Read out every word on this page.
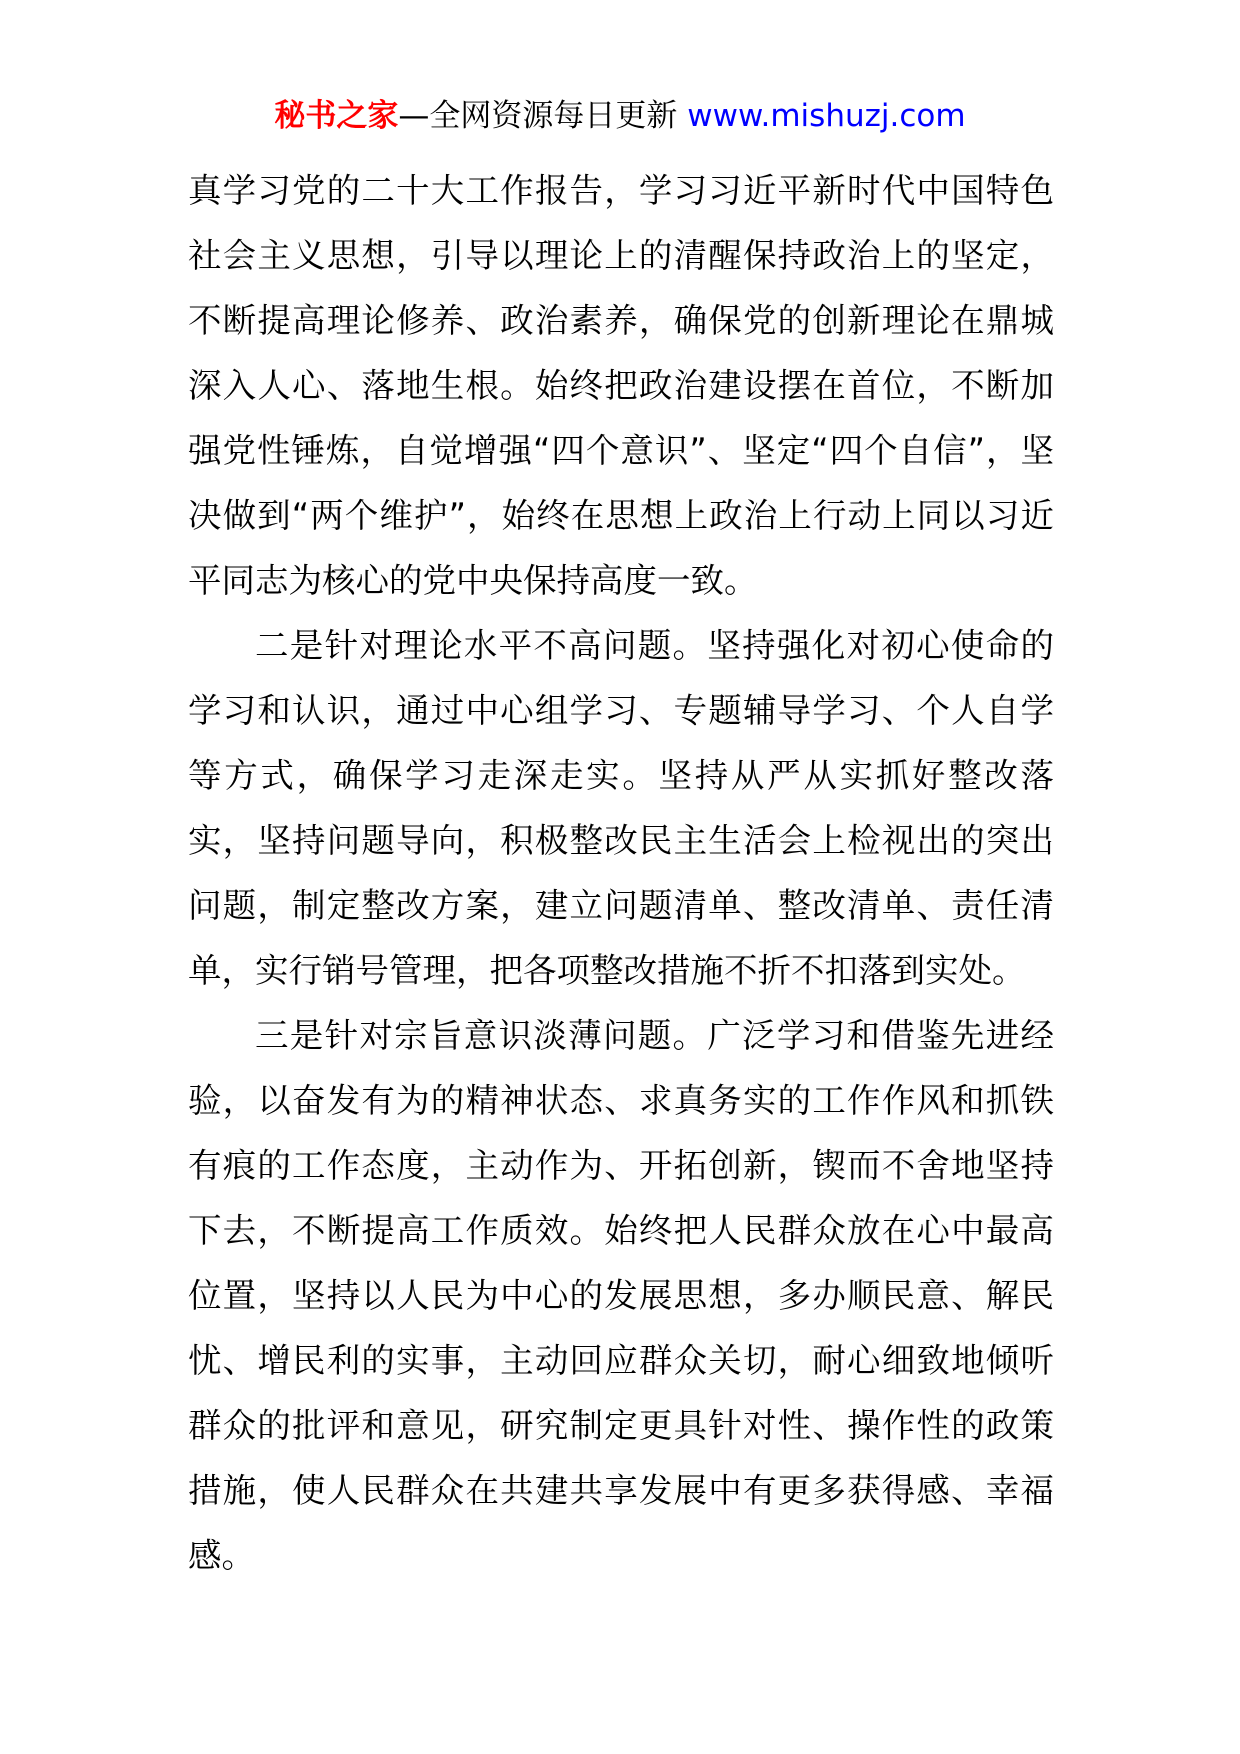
秘书之家—全网资源每日更新 www.mishuzj.com

真学习党的二十大工作报告，学习习近平新时代中国特色社会主义思想，引导以理论上的清醒保持政治上的坚定，不断提高理论修养、政治素养，确保党的创新理论在鼎城深入人心、落地生根。始终把政治建设摆在首位，不断加强党性锤炼，自觉增强“四个意识”、坚定“四个自信”，坚决做到“两个维护”，始终在思想上政治上行动上同以习近平同志为核心的党中央保持高度一致。

二是针对理论水平不高问题。坚持强化对初心使命的学习和认识，通过中心组学习、专题辅导学习、个人自学等方式，确保学习走深走实。坚持从严从实抓好整改落实，坚持问题导向，积极整改民主生活会上检视出的突出问题，制定整改方案，建立问题清单、整改清单、责任清单，实行销号管理，把各项整改措施不折不扣落到实处。

三是针对宗旨意识淡薄问题。广泛学习和借鉴先进经验，以奋发有为的精神状态、求真务实的工作作风和抓铁有痕的工作态度，主动作为、开拓创新，锲而不舍地坚持下去，不断提高工作质效。始终把人民群众放在心中最高位置，坚持以人民为中心的发展思想，多办顺民意、解民忧、增民利的实事，主动回应群众关切，耐心细致地倾听群众的批评和意见，研究制定更具针对性、操作性的政策措施，使人民群众在共建共享发展中有更多获得感、幸福感。
